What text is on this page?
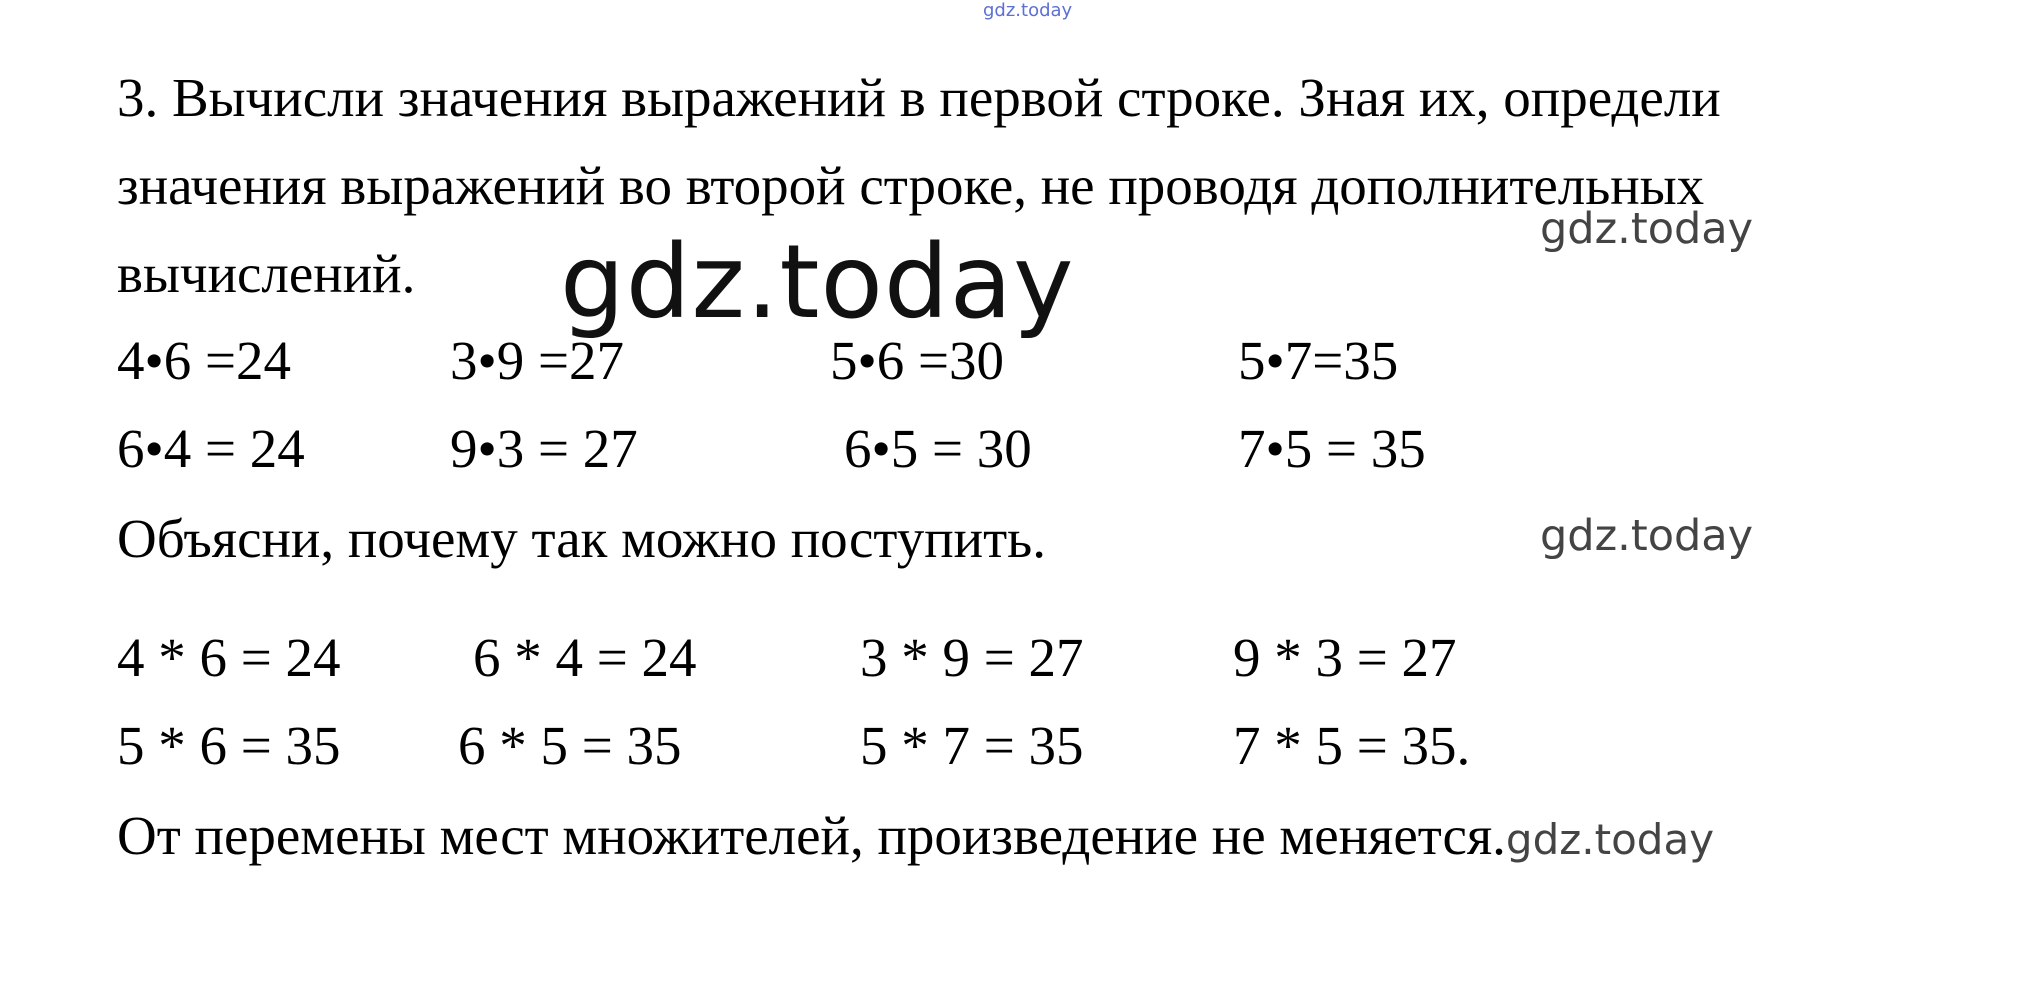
gdz.today
gdz.today	gdz.today
gdz.today
3. Вычисли значения выражений в первой строке. Зная их, определи
значения выражений во второй строке, не проводя дополнительных
вычислений.
4•6 =24	3•9 =27	5•6 =30	5•7=35
6•4 = 24	9•3 = 27	6•5 = 30	7•5 = 35
Объясни, почему так можно поступить.
4 * 6 = 24 6 * 4 = 24	3 * 9 = 27	9 * 3 = 27
5 * 6 = 35 6 * 5 = 35	5 * 7 = 35	7 * 5 = 35.
От перемены мест множителей, произведение не меняется.gdz.today
